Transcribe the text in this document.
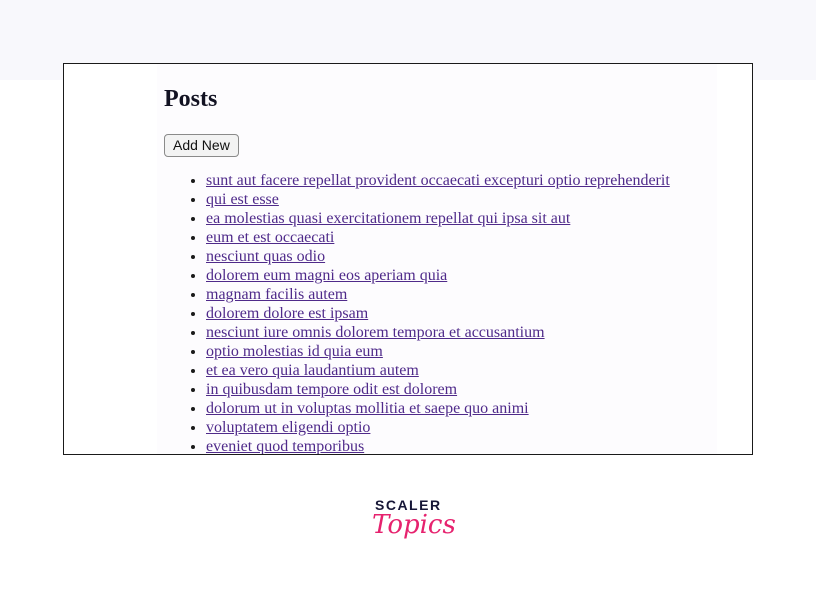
Posts
Add New
• sunt aut facere repellat provident occaecati excepturi optio reprehenderit
• qui est esse
• ea molestias quasi exercitationem repellat qui ipsa sit aut
• eum et est occaecati
• nesciunt quas odio
• dolorem eum magni eos aperiam quia
• magnam facilis autem
• dolorem dolore est ipsam
• nesciunt iure omnis dolorem tempora et accusantium
• optio molestias id quia eum
• et ea vero quia laudantium autem
• in quibusdam tempore odit est dolorem
• dolorum ut in voluptas mollitia et saepe quo animi
• voluptatem eligendi optio
• eveniet quod temporibus
SCALER
Topics
